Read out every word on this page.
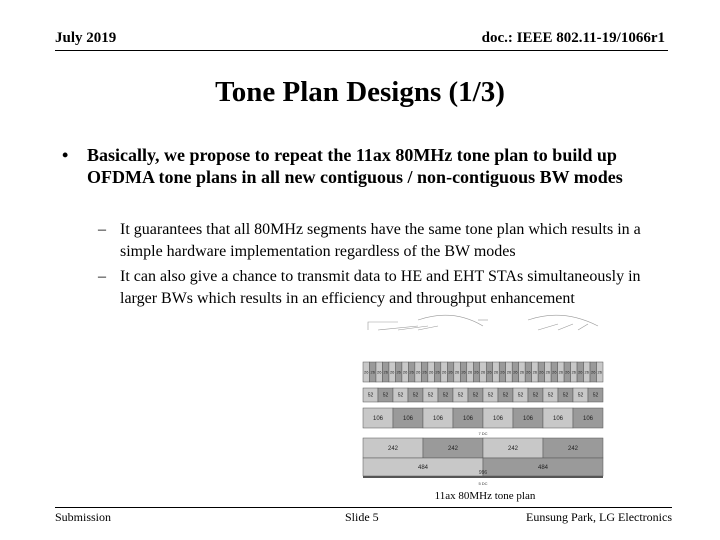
July 2019	doc.: IEEE 802.11-19/1066r1
Tone Plan Designs (1/3)
• Basically, we propose to repeat the 11ax 80MHz tone plan to build up OFDMA tone plans in all new contiguous / non-contiguous BW modes
– It guarantees that all 80MHz segments have the same tone plan which results in a simple hardware implementation regardless of the BW modes
– It can also give a chance to transmit data to HE and EHT STAs simultaneously in larger BWs which results in an efficiency and throughput enhancement
26 26 26 26 26 26 26 26 26 26 26 26 26 26 26 26 26 26 26 26 26 26 26 26 26 26 26 26 26 26 26 26 26 26 26 26 26
52 52 52 52 52 52 52 52 52 52 52 52 52 52 52 52
106	106	106	106	106	106	106	106
242	242	242	242
484	484
996
7 DC
5 DC
11ax 80MHz tone plan
Submission	Slide 5	Eunsung Park, LG Electronics
